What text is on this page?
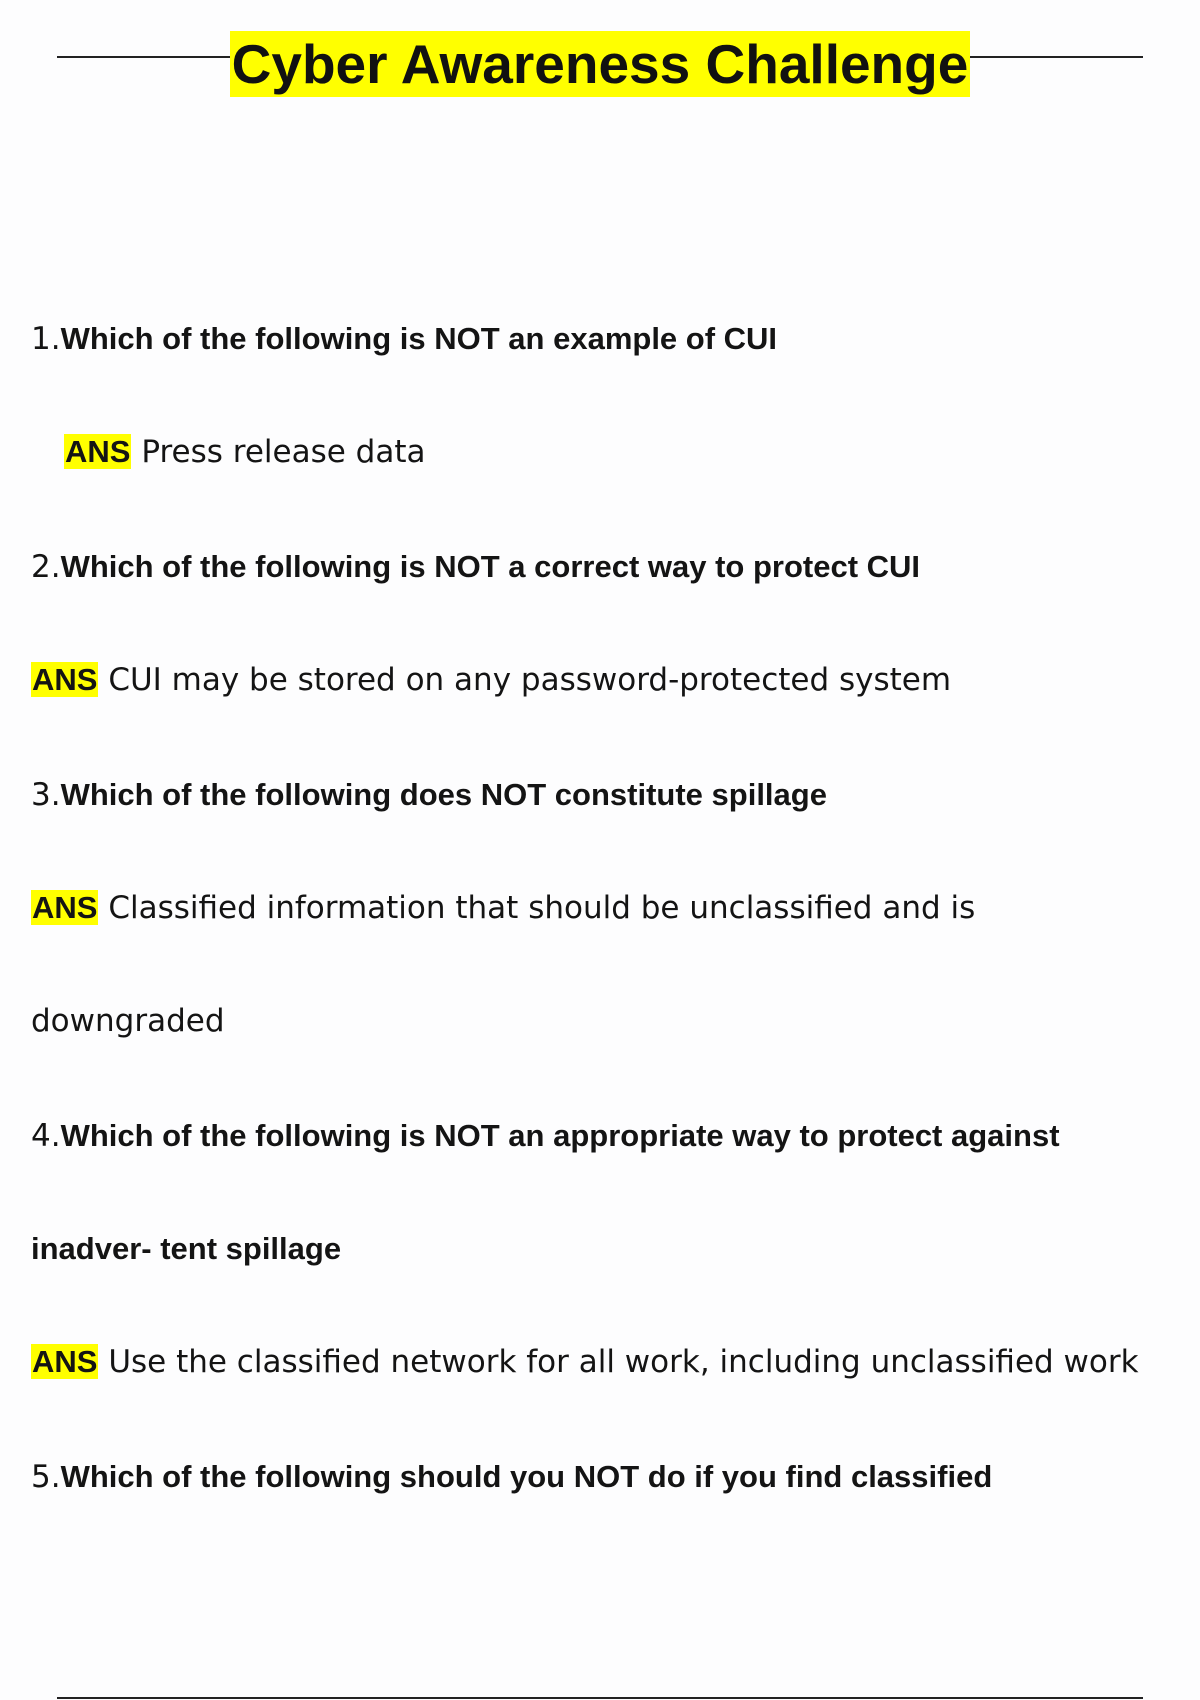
Cyber Awareness Challenge
1.Which of the following is NOT an example of CUI
ANS Press release data
2.Which of the following is NOT a correct way to protect CUI
ANS CUI may be stored on any password-protected system
3.Which of the following does NOT constitute spillage
ANS Classified information that should be unclassified and is
downgraded
4.Which of the following is NOT an appropriate way to protect against
inadver- tent spillage
ANS Use the classified network for all work, including unclassified work
5.Which of the following should you NOT do if you find classified
